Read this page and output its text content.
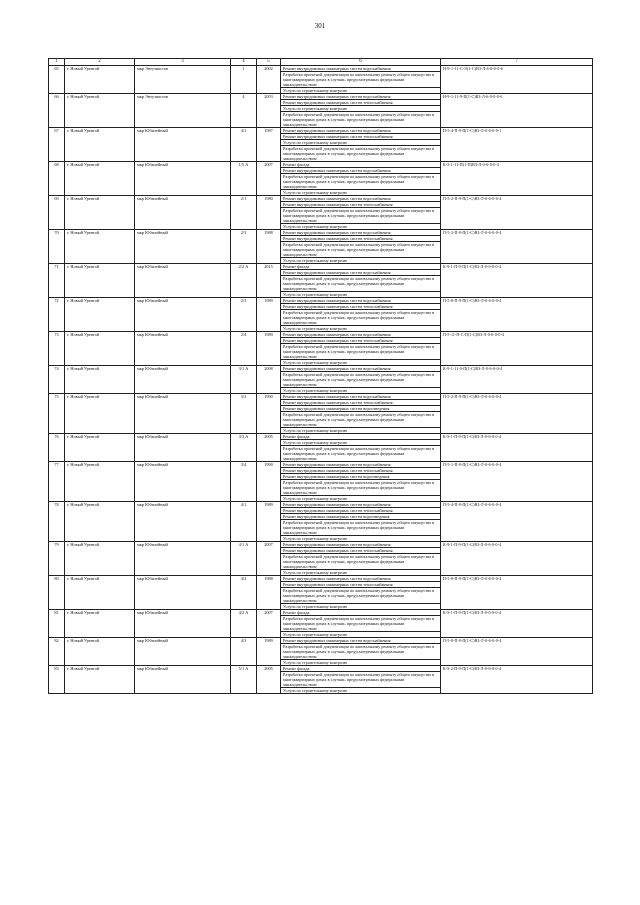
301
1	2	3	4	5	6	7
65	г. Новый Уренгой	мкр Энтузиастов	1	2002	Ремонт внутридомовых инженерных систем водоснабжения	Н-9-1-11-С-Э(1-С)ВЗ-Л-6-0-0-0-6
					Разработка проектной документации по капитальному ремонту общего имущества в многоквартирных домах в случаях, предусмотренных федеральным законодательством	
					Услуги по строительному контролю	
66	г. Новый Уренгой	мкр Энтузиастов	4	2003	Ремонт внутридомовых инженерных систем водоснабжения	Н-9-1-11-9-П(1-С)ВЗ-Л-6-0-0-0-6
					Ремонт внутридомовых инженерных систем теплоснабжения	
					Услуги по строительному контролю	
					Разработка проектной документации по капитальному ремонту общего имущества в многоквартирных домах в случаях, предусмотренных федеральным законодательством	
67	г. Новый Уренгой	мкр Юбилейный	4/1	1987	Ремонт внутридомовых инженерных систем водоснабжения	П-5-4-П-9-П(1-С)ВЗ-Л-0-6-0-9-1
					Ремонт внутридомовых инженерных систем теплоснабжения	
					Услуги по строительному контролю	
					Разработка проектной документации по капитальному ремонту общего имущества в многоквартирных домах в случаях, предусмотренных федеральным законодательством	
68	г. Новый Уренгой	мкр Юбилейный	1/5 А	2007	Ремонт фасада	К-5-1-11-П(1-П)ВЗ-Л-0-6-0-0-4
					Ремонт внутридомовых инженерных систем водоснабжения	
					Разработка проектной документации по капитальному ремонту общего имущества в многоквартирных домах в случаях, предусмотренных федеральным законодательством	
					Услуги по строительному контролю	
69	г. Новый Уренгой	мкр Юбилейный	2/1	1980	Ремонт внутридомовых инженерных систем водоснабжения	П-5-2-П-9-П(1-С)ВЗ-Л-0-6-0-0-4
					Ремонт внутридомовых инженерных систем теплоснабжения	
					Разработка проектной документации по капитальному ремонту общего имущества в многоквартирных домах в случаях, предусмотренных федеральным законодательством	
					Услуги по строительному контролю	
70	г. Новый Уренгой	мкр Юбилейный	2/3	1988	Ремонт внутридомовых инженерных систем водоснабжения	П-5-2-П-9-П(1-С)ВЗ-Л-0-6-0-0-4
					Ремонт внутридомовых инженерных систем теплоснабжения	
					Разработка проектной документации по капитальному ремонту общего имущества в многоквартирных домах в случаях, предусмотренных федеральным законодательством	
					Услуги по строительному контролю	
71	г. Новый Уренгой	мкр Юбилейный	2/2 А	2015	Ремонт фасада	К-9-1-П-9-П(1-С)ВЗ-Л-0-0-0-0-4
					Ремонт внутридомовых инженерных систем водоснабжения	
					Разработка проектной документации по капитальному ремонту общего имущества в многоквартирных домах в случаях, предусмотренных федеральным законодательством	
					Услуги по строительному контролю	
72	г. Новый Уренгой	мкр Юбилейный	2/3	1989	Ремонт внутридомовых инженерных систем водоснабжения	П-5-8-П-9-П(1-С)ВЗ-Л-0-6-0-0-4
					Ремонт внутридомовых инженерных систем теплоснабжения	
					Разработка проектной документации по капитальному ремонту общего имущества в многоквартирных домах в случаях, предусмотренных федеральным законодательством	
					Услуги по строительному контролю	
73	г. Новый Уренгой	мкр Юбилейный	2/4	1989	Ремонт внутридомовых инженерных систем водоснабжения	П-5-11-П-С-П(1-С)ВЗ-Л-0-6-0-0-4
					Ремонт внутридомовых инженерных систем теплоснабжения	
					Разработка проектной документации по капитальному ремонту общего имущества в многоквартирных домах в случаях, предусмотренных федеральным законодательством	
					Услуги по строительному контролю	
74	г. Новый Уренгой	мкр Юбилейный	3/1 А	2008	Ремонт внутридомовых инженерных систем водоснабжения	К-9-1-11-9-П(1-С)ВЗ-Л-0-6-0-0-4
					Разработка проектной документации по капитальному ремонту общего имущества в многоквартирных домах в случаях, предусмотренных федеральным законодательством	
					Услуги по строительному контролю	
75	г. Новый Уренгой	мкр Юбилейный	3/3	1990	Ремонт внутридомовых инженерных систем водоснабжения	П-5-2-П-9-П(1-С)ВЗ-Л-0-6-0-0-4
					Ремонт внутридомовых инженерных систем теплоснабжения	
					Ремонт внутридомовых инженерных систем водоотведения	
					Разработка проектной документации по капитальному ремонту общего имущества в многоквартирных домах в случаях, предусмотренных федеральным законодательством	
					Услуги по строительному контролю	
76	г. Новый Уренгой	мкр Юбилейный	3/3 А	2005	Ремонт фасада	К-9-1-П-9-П(1-С)ВЗ-Л-0-6-0-0-4
					Услуги по строительному контролю	
					Разработка проектной документации по капитальному ремонту общего имущества в многоквартирных домах в случаях, предусмотренных федеральным законодательством	
77	г. Новый Уренгой	мкр Юбилейный	3/4	1990	Ремонт внутридомовых инженерных систем водоснабжения	П-5-1-П-9-П(1-С)ВЗ-Л-0-6-0-0-4
					Ремонт внутридомовых инженерных систем теплоснабжения	
					Ремонт внутридомовых инженерных систем водоотведения	
					Разработка проектной документации по капитальному ремонту общего имущества в многоквартирных домах в случаях, предусмотренных федеральным законодательством	
					Услуги по строительному контролю	
78	г. Новый Уренгой	мкр Юбилейный	4/1	1989	Ремонт внутридомовых инженерных систем водоснабжения	П-5-4-П-9-П(1-С)ВЗ-Л-0-6-0-0-4
					Ремонт внутридомовых инженерных систем теплоснабжения	
					Ремонт внутридомовых инженерных систем водоотведения	
					Разработка проектной документации по капитальному ремонту общего имущества в многоквартирных домах в случаях, предусмотренных федеральным законодательством	
					Услуги по строительному контролю	
79	г. Новый Уренгой	мкр Юбилейный	4/1 А	2007	Ремонт внутридомовых инженерных систем водоснабжения	К-9-1-П-9-П(1-С)ВЗ-Л-0-6-0-0-4
					Ремонт внутридомовых инженерных систем теплоснабжения	
					Разработка проектной документации по капитальному ремонту общего имущества в многоквартирных домах в случаях, предусмотренных федеральным законодательством	
					Услуги по строительному контролю	
80	г. Новый Уренгой	мкр Юбилейный	4/2	1988	Ремонт внутридомовых инженерных систем водоснабжения	П-5-8-П-9-П(1-С)ВЗ-Л-0-6-0-0-4
					Ремонт внутридомовых инженерных систем теплоснабжения	
					Разработка проектной документации по капитальному ремонту общего имущества в многоквартирных домах в случаях, предусмотренных федеральным законодательством	
					Услуги по строительному контролю	
81	г. Новый Уренгой	мкр Юбилейный	4/2 А	2007	Ремонт фасада	К-9-1-П-9-П(1-С)ВЗ-Л-0-0-0-0-4
					Разработка проектной документации по капитальному ремонту общего имущества в многоквартирных домах в случаях, предусмотренных федеральным законодательством	
					Услуги по строительному контролю	
82	г. Новый Уренгой	мкр Юбилейный	4/3	1989	Ремонт внутридомовых инженерных систем водоснабжения	П-5-8-П-9-П(1-С)ВЗ-Л-0-6-0-0-4
					Разработка проектной документации по капитальному ремонту общего имущества в многоквартирных домах в случаях, предусмотренных федеральным законодательством	
					Услуги по строительному контролю	
83	г. Новый Уренгой	мкр Юбилейный	5/1 А	2005	Ремонт фасада	К-9-2-П-9-П(1-С)ВЗ-Л-0-6-0-0-4
					Разработка проектной документации по капитальному ремонту общего имущества в многоквартирных домах в случаях, предусмотренных федеральным законодательством	
					Услуги по строительному контролю	
